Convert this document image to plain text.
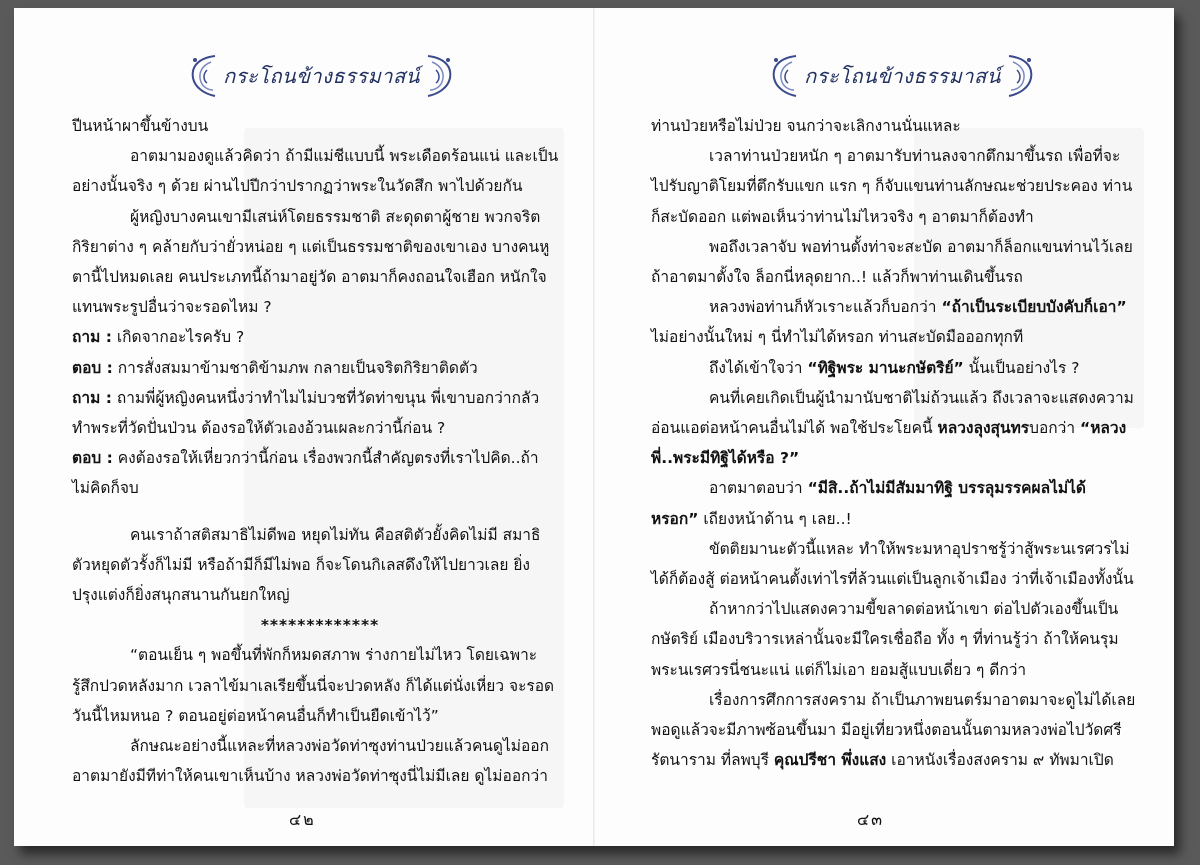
กระโถนข้างธรรมาสน์

ปีนหน้าผาขึ้นข้างบน

อาตมามองดูแล้วคิดว่า ถ้ามีแม่ชีแบบนี้ พระเดือดร้อนแน่ และเป็น

อย่างนั้นจริง ๆ ด้วย ผ่านไปปีกว่าปรากฏว่าพระในวัดสึก พาไปด้วยกัน

ผู้หญิงบางคนเขามีเสน่ห์โดยธรรมชาติ สะดุดตาผู้ชาย พวกจริต

กิริยาต่าง ๆ คล้ายกับว่ายั่วหน่อย ๆ แต่เป็นธรรมชาติของเขาเอง บางคนหู

ตานี้ไปหมดเลย คนประเภทนี้ถ้ามาอยู่วัด อาตมาก็คงถอนใจเฮือก หนักใจ

แทนพระรูปอื่นว่าจะรอดไหม ?

ถาม : เกิดจากอะไรครับ ?

ตอบ : การสั่งสมมาข้ามชาติข้ามภพ กลายเป็นจริตกิริยาติดตัว

ถาม : ถามพี่ผู้หญิงคนหนึ่งว่าทำไมไม่บวชที่วัดท่าขนุน พี่เขาบอกว่ากลัว

ทำพระที่วัดปั่นป่วน ต้องรอให้ตัวเองอ้วนเผละกว่านี้ก่อน ?

ตอบ : คงต้องรอให้เหี่ยวกว่านี้ก่อน เรื่องพวกนี้สำคัญตรงที่เราไปคิด..ถ้า

ไม่คิดก็จบ

คนเราถ้าสติสมาธิไม่ดีพอ หยุดไม่ทัน คือสติตัวยั้งคิดไม่มี สมาธิ

ตัวหยุดตัวรั้งก็ไม่มี หรือถ้ามีก็มีไม่พอ ก็จะโดนกิเลสดึงให้ไปยาวเลย ยิ่ง

ปรุงแต่งก็ยิ่งสนุกสนานกันยกใหญ่

*************

“ตอนเย็น ๆ พอขึ้นที่พักก็หมดสภาพ ร่างกายไม่ไหว โดยเฉพาะ

รู้สึกปวดหลังมาก เวลาไข้มาเลเรียขึ้นนี่จะปวดหลัง ก็ได้แต่นั่งเหี่ยว จะรอด

วันนี้ไหมหนอ ? ตอนอยู่ต่อหน้าคนอื่นก็ทำเป็นยืดเข้าไว้”

ลักษณะอย่างนี้แหละที่หลวงพ่อวัดท่าซุงท่านป่วยแล้วคนดูไม่ออก

อาตมายังมีทีท่าให้คนเขาเห็นบ้าง หลวงพ่อวัดท่าซุงนี่ไม่มีเลย ดูไม่ออกว่า

๔๒
กระโถนข้างธรรมาสน์

ท่านป่วยหรือไม่ป่วย จนกว่าจะเลิกงานนั่นแหละ

เวลาท่านป่วยหนัก ๆ อาตมารับท่านลงจากตึกมาขึ้นรถ เพื่อที่จะ

ไปรับญาติโยมที่ตึกรับแขก แรก ๆ ก็จับแขนท่านลักษณะช่วยประคอง ท่าน

ก็สะบัดออก แต่พอเห็นว่าท่านไม่ไหวจริง ๆ อาตมาก็ต้องทำ

พอถึงเวลาจับ พอท่านตั้งท่าจะสะบัด อาตมาก็ล็อกแขนท่านไว้เลย

ถ้าอาตมาตั้งใจ ล็อกนี่หลุดยาก..! แล้วก็พาท่านเดินขึ้นรถ

หลวงพ่อท่านก็หัวเราะแล้วก็บอกว่า “ถ้าเป็นระเบียบบังคับก็เอา”

ไม่อย่างนั้นใหม่ ๆ นี่ทำไม่ได้หรอก ท่านสะบัดมือออกทุกที

ถึงได้เข้าใจว่า “ทิฐิพระ มานะกษัตริย์” นั้นเป็นอย่างไร ?

คนที่เคยเกิดเป็นผู้นำมานับชาติไม่ถ้วนแล้ว ถึงเวลาจะแสดงความ

อ่อนแอต่อหน้าคนอื่นไม่ได้ พอใช้ประโยคนี้ หลวงลุงสุนทรบอกว่า “หลวง

พี่..พระมีทิฐิได้หรือ ?”

อาตมาตอบว่า “มีสิ..ถ้าไม่มีสัมมาทิฐิ บรรลุมรรคผลไม่ได้

หรอก” เถียงหน้าด้าน ๆ เลย..!

ขัตติยมานะตัวนี้แหละ ทำให้พระมหาอุปราชรู้ว่าสู้พระนเรศวรไม่

ได้ก็ต้องสู้ ต่อหน้าคนตั้งเท่าไรที่ล้วนแต่เป็นลูกเจ้าเมือง ว่าที่เจ้าเมืองทั้งนั้น

ถ้าหากว่าไปแสดงความขี้ขลาดต่อหน้าเขา ต่อไปตัวเองขึ้นเป็น

กษัตริย์ เมืองบริวารเหล่านั้นจะมีใครเชื่อถือ ทั้ง ๆ ที่ท่านรู้ว่า ถ้าให้คนรุม

พระนเรศวรนี่ชนะแน่ แต่ก็ไม่เอา ยอมสู้แบบเดี่ยว ๆ ดีกว่า

เรื่องการศึกการสงคราม ถ้าเป็นภาพยนตร์มาอาตมาจะดูไม่ได้เลย

พอดูแล้วจะมีภาพซ้อนขึ้นมา มีอยู่เที่ยวหนึ่งตอนนั้นตามหลวงพ่อไปวัดศรี

รัตนาราม ที่ลพบุรี คุณปรีชา พึ่งแสง เอาหนังเรื่องสงคราม ๙ ทัพมาเปิด

๔๓
